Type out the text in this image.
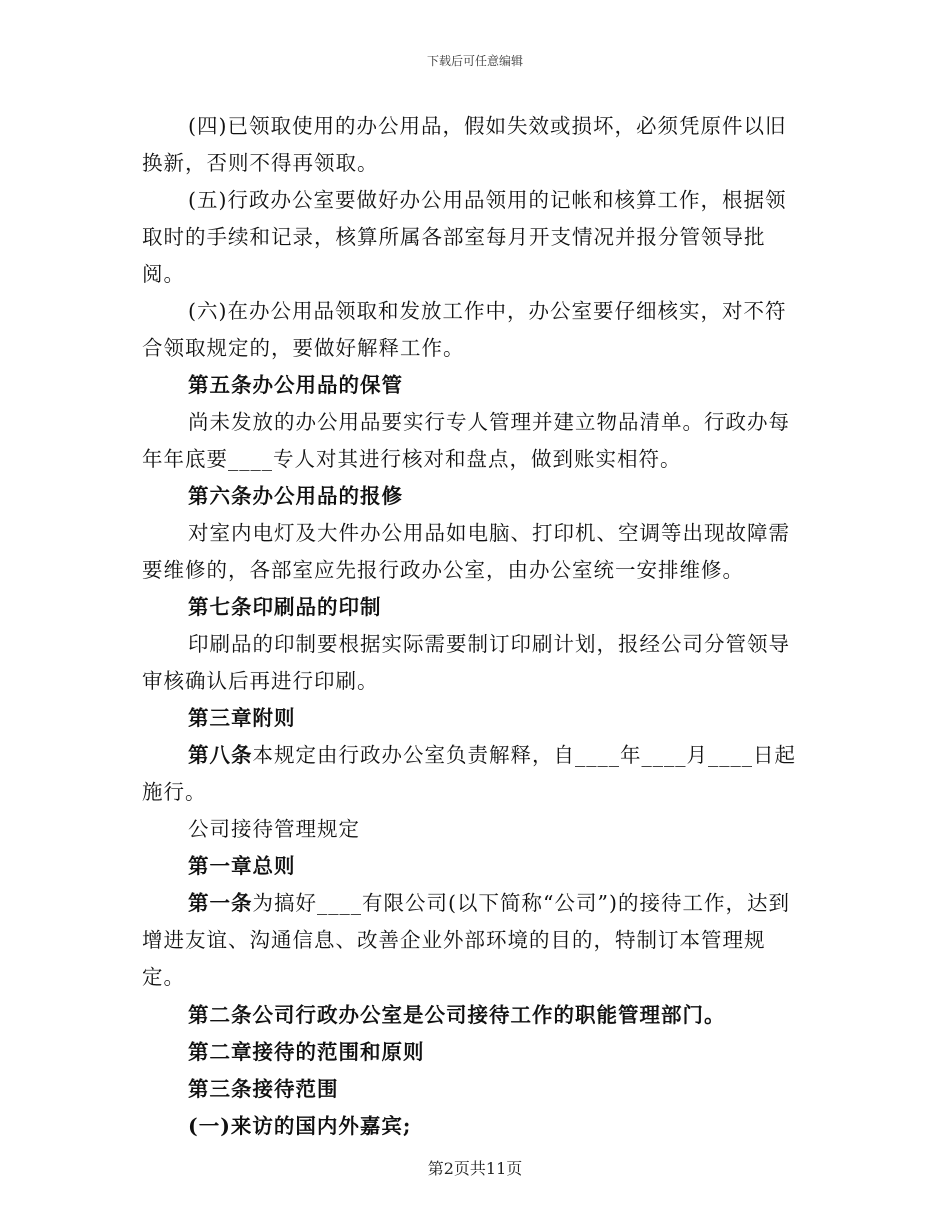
下载后可任意编辑

(四)已领取使用的办公用品，假如失效或损坏，必须凭原件以旧换新，否则不得再领取。

(五)行政办公室要做好办公用品领用的记帐和核算工作，根据领取时的手续和记录，核算所属各部室每月开支情况并报分管领导批阅。

(六)在办公用品领取和发放工作中，办公室要仔细核实，对不符合领取规定的，要做好解释工作。

第五条办公用品的保管

尚未发放的办公用品要实行专人管理并建立物品清单。行政办每年年底要____专人对其进行核对和盘点，做到账实相符。

第六条办公用品的报修

对室内电灯及大件办公用品如电脑、打印机、空调等出现故障需要维修的，各部室应先报行政办公室，由办公室统一安排维修。

第七条印刷品的印制

印刷品的印制要根据实际需要制订印刷计划，报经公司分管领导审核确认后再进行印刷。

第三章附则

第八条本规定由行政办公室负责解释，自____年____月____日起施行。

公司接待管理规定

第一章总则

第一条为搞好____有限公司(以下简称“公司”)的接待工作，达到增进友谊、沟通信息、改善企业外部环境的目的，特制订本管理规定。

第二条公司行政办公室是公司接待工作的职能管理部门。

第二章接待的范围和原则

第三条接待范围

(一)来访的国内外嘉宾;

第2页共11页
